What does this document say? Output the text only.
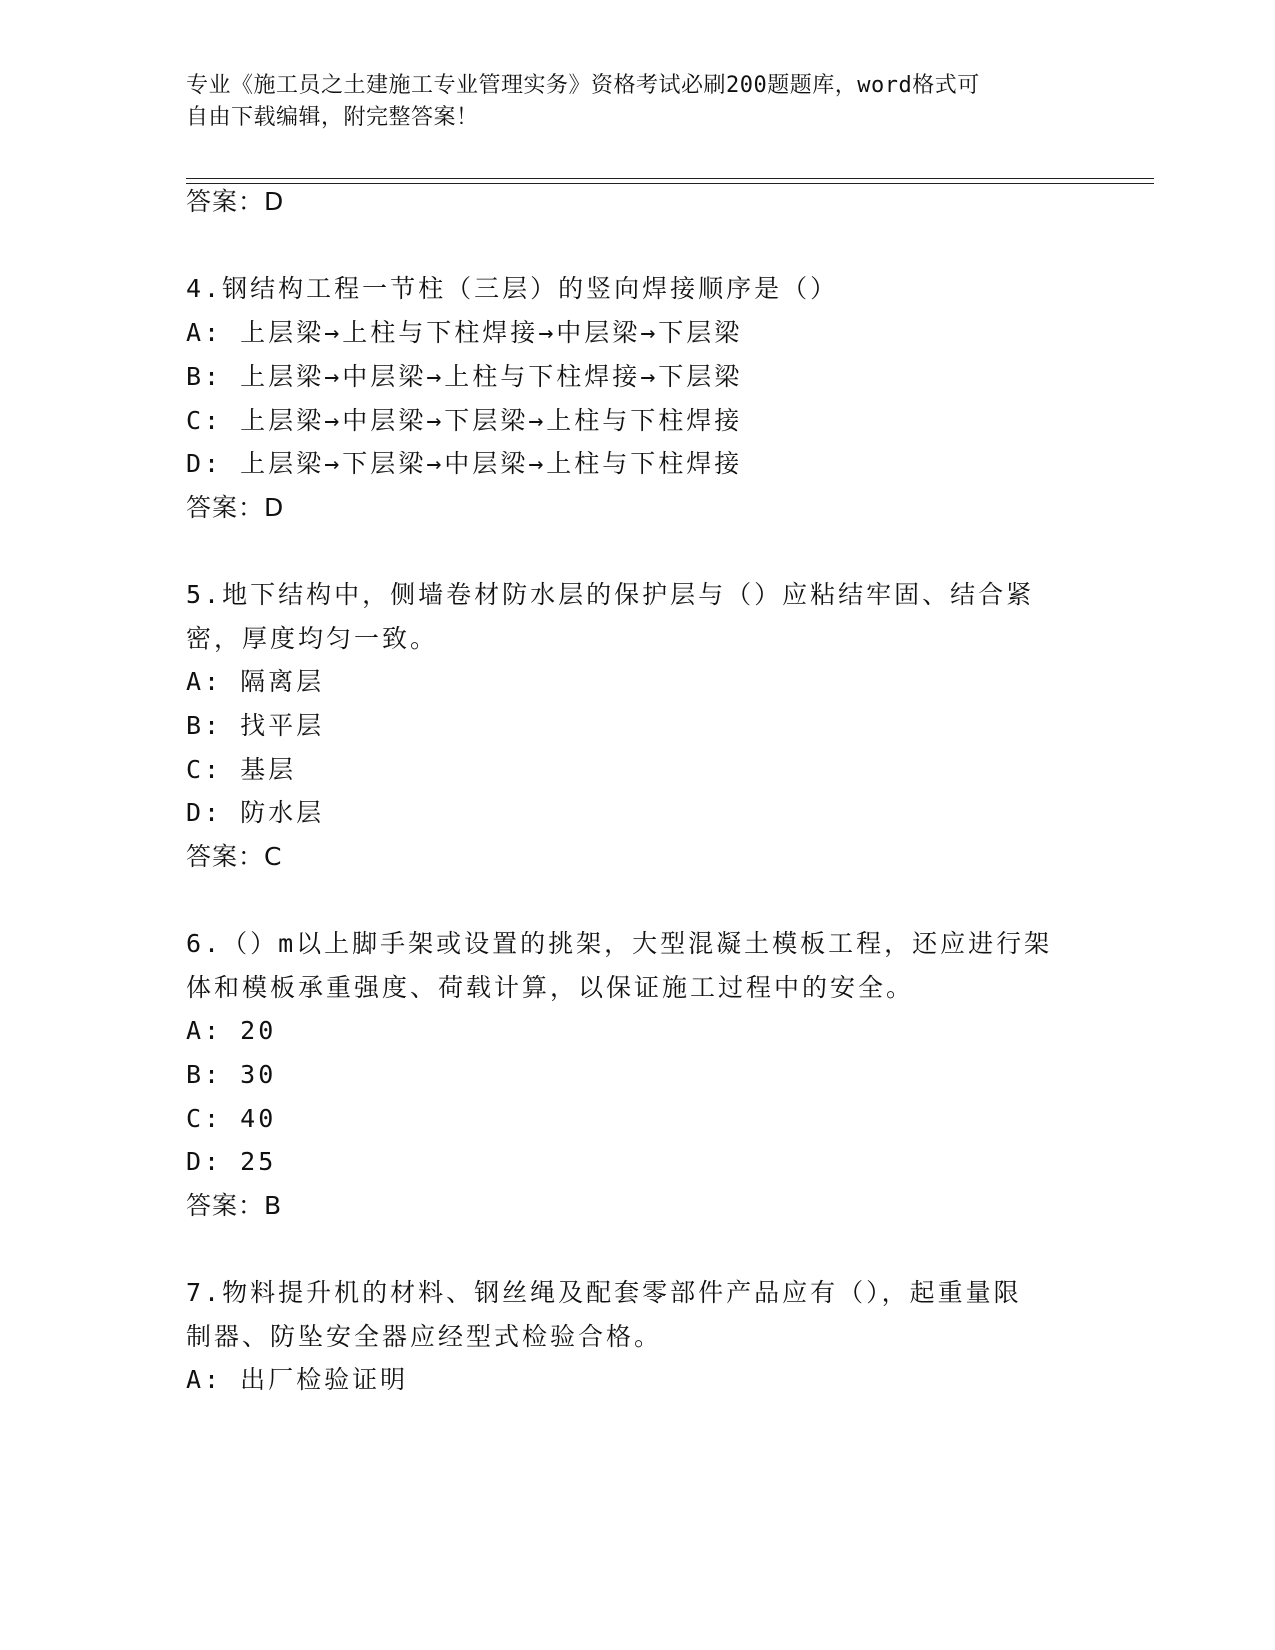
专业《施工员之土建施工专业管理实务》资格考试必刷200题题库，word格式可
自由下载编辑，附完整答案！
答案：D
4.钢结构工程一节柱（三层）的竖向焊接顺序是（）
A: 上层梁→上柱与下柱焊接→中层梁→下层梁
B: 上层梁→中层梁→上柱与下柱焊接→下层梁
C: 上层梁→中层梁→下层梁→上柱与下柱焊接
D: 上层梁→下层梁→中层梁→上柱与下柱焊接
答案：D
5.地下结构中，侧墙卷材防水层的保护层与（）应粘结牢固、结合紧
密，厚度均匀一致。
A: 隔离层
B: 找平层
C: 基层
D: 防水层
答案：C
6.（）m以上脚手架或设置的挑架，大型混凝土模板工程，还应进行架
体和模板承重强度、荷载计算，以保证施工过程中的安全。
A: 20
B: 30
C: 40
D: 25
答案：B
7.物料提升机的材料、钢丝绳及配套零部件产品应有（），起重量限
制器、防坠安全器应经型式检验合格。
A: 出厂检验证明
